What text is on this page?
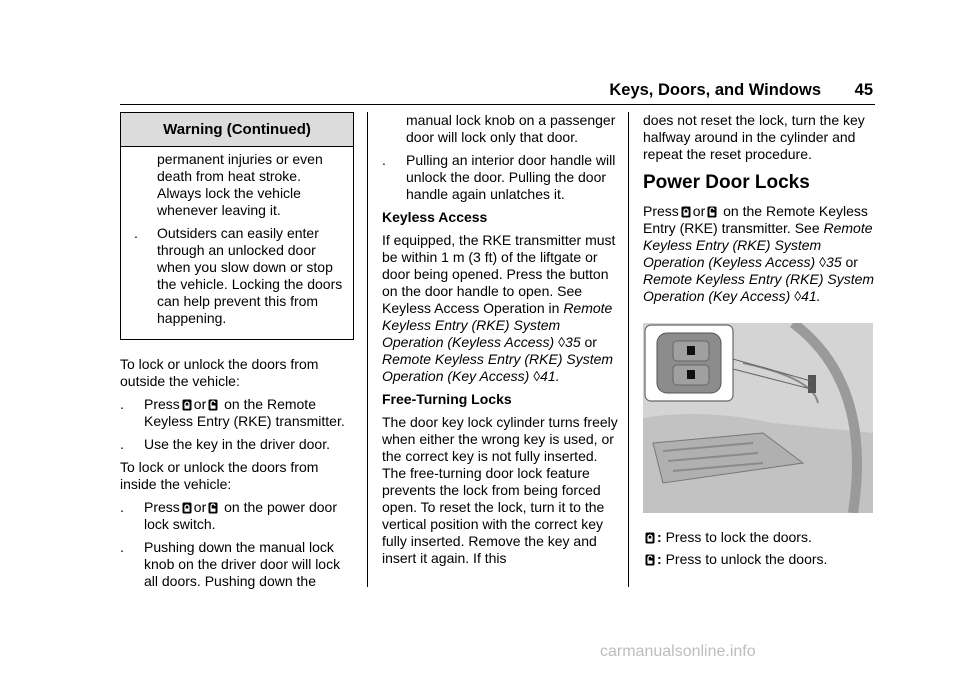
Keys, Doors, and Windows 45
Warning (Continued)

permanent injuries or even death from heat stroke. Always lock the vehicle whenever leaving it.

. Outsiders can easily enter through an unlocked door when you slow down or stop the vehicle. Locking the doors can help prevent this from happening.

To lock or unlock the doors from outside the vehicle:

. Press or on the Remote Keyless Entry (RKE) transmitter.
. Use the key in the driver door.

To lock or unlock the doors from inside the vehicle:

. Press or on the power door lock switch.
. Pushing down the manual lock knob on the driver door will lock all doors. Pushing down the
manual lock knob on a passenger door will lock only that door.
. Pulling an interior door handle will unlock the door. Pulling the door handle again unlatches it.

Keyless Access

If equipped, the RKE transmitter must be within 1 m (3 ft) of the liftgate or door being opened. Press the button on the door handle to open. See Keyless Access Operation in Remote Keyless Entry (RKE) System Operation (Keyless Access) ◊35 or Remote Keyless Entry (RKE) System Operation (Key Access) ◊41.

Free-Turning Locks

The door key lock cylinder turns freely when either the wrong key is used, or the correct key is not fully inserted. The free-turning door lock feature prevents the lock from being forced open. To reset the lock, turn it to the vertical position with the correct key fully inserted. Remove the key and insert it again. If this

does not reset the lock, turn the key halfway around in the cylinder and repeat the reset procedure.

Power Door Locks

Press or on the Remote Keyless Entry (RKE) transmitter. See Remote Keyless Entry (RKE) System Operation (Keyless Access) ◊35 or Remote Keyless Entry (RKE) System Operation (Key Access) ◊41.

: Press to lock the doors.
: Press to unlock the doors.
carmanualsonline.info
